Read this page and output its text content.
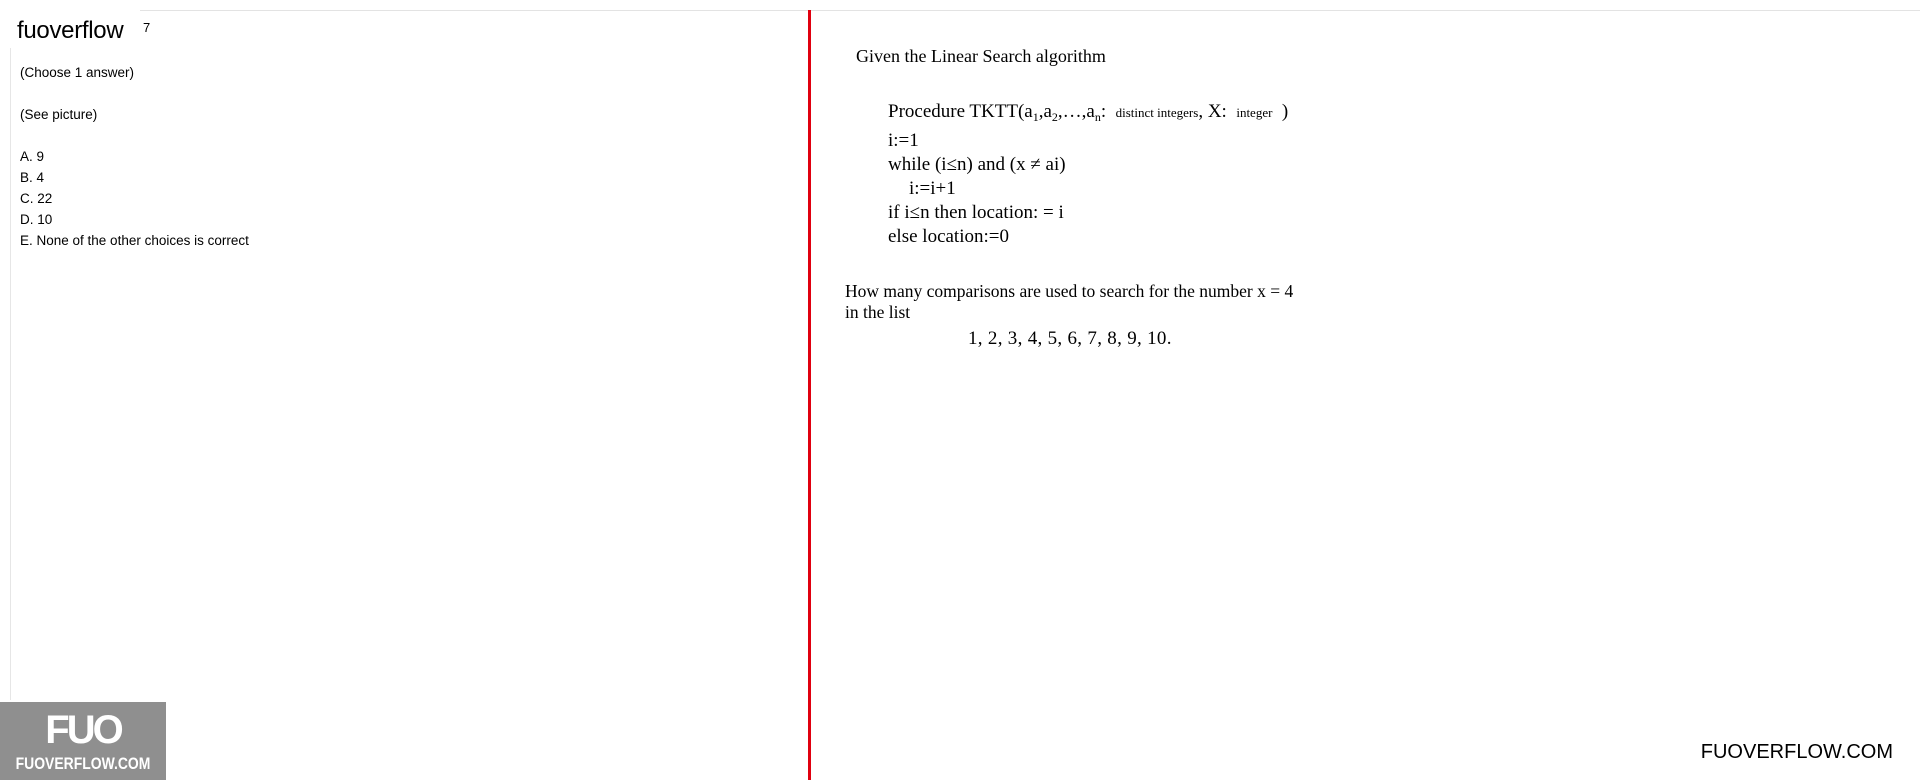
fuoverflow 7
(Choose 1 answer)
(See picture)
A. 9
B. 4
C. 22
D. 10
E. None of the other choices is correct
Given the Linear Search algorithm
Procedure $TKTT(a_1,a_2,\dots,a_n$: distinct integers, X: integer )
i:=1
while (i≤n) and (x ≠ ai)
i:=i+1
if i≤n then location: = i
else location:=0
How many comparisons are used to search for the number x = 4
in the list
1, 2, 3, 4, 5, 6, 7, 8, 9, 10.
FUO
FUOVERFLOW.COM
FUOVERFLOW.COM
